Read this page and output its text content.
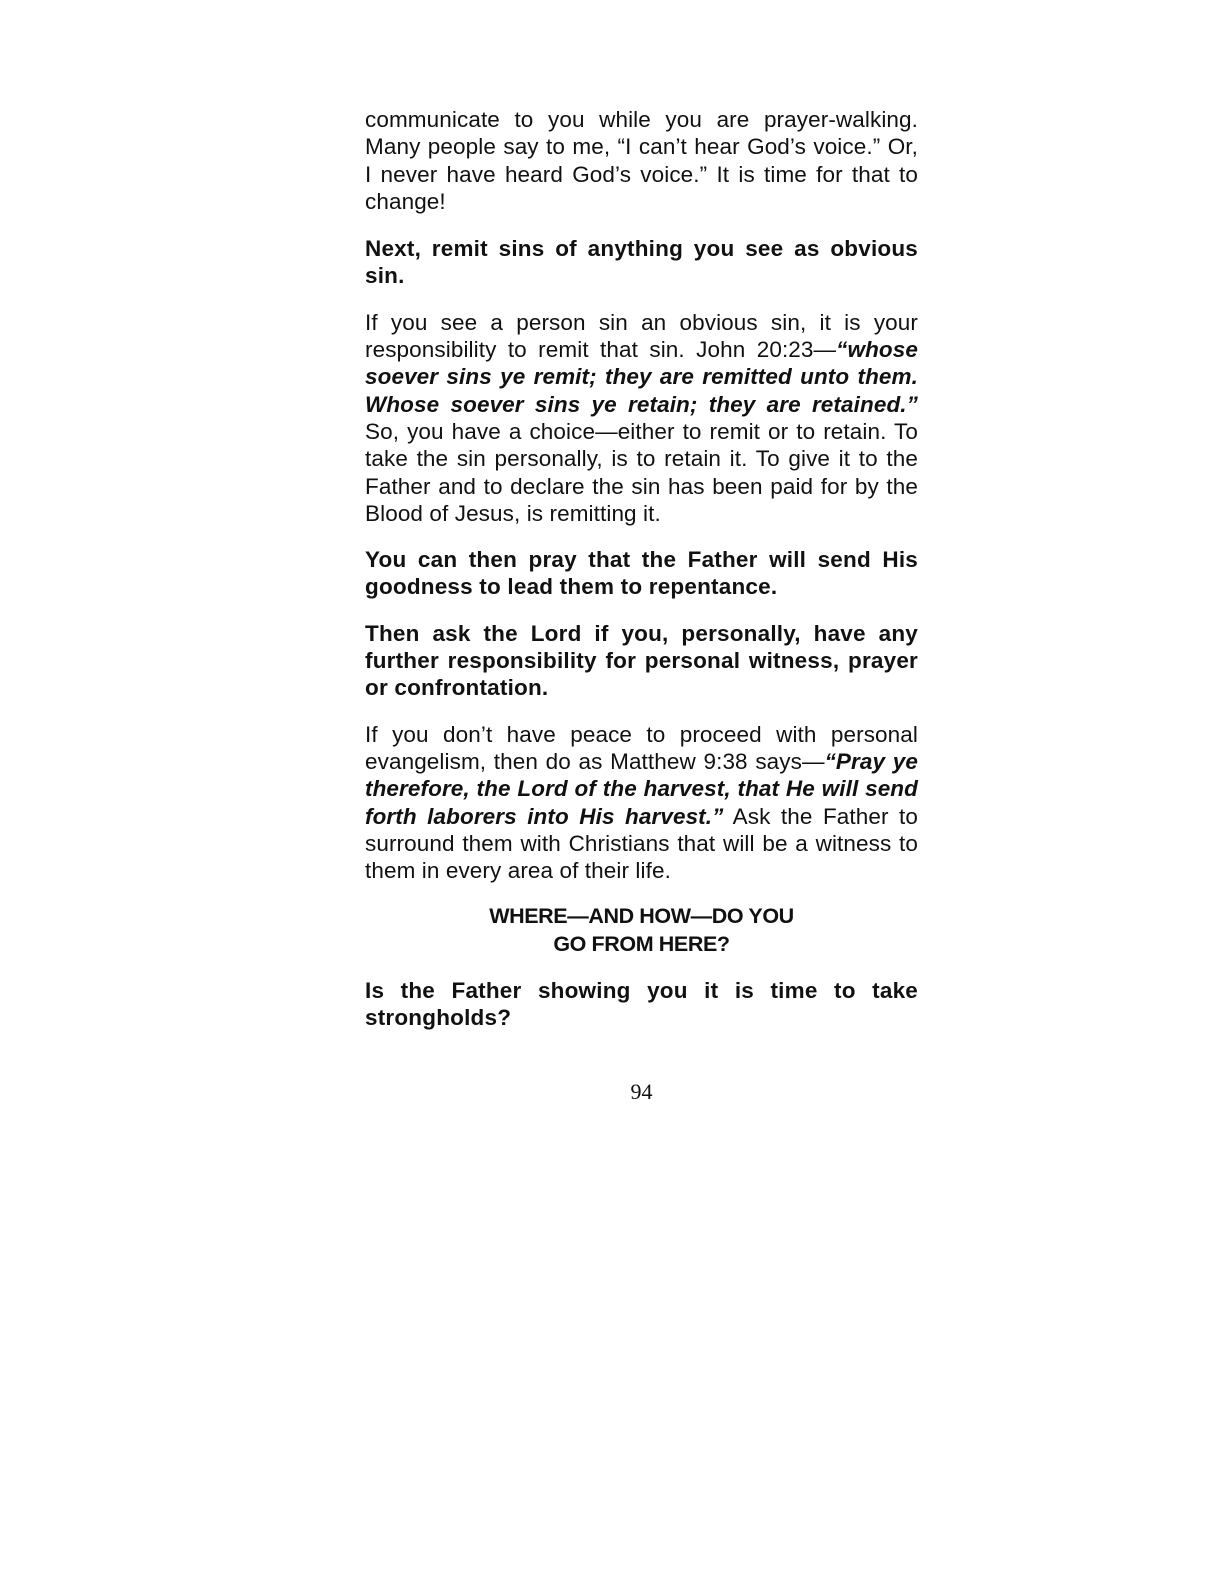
communicate to you while you are prayer-walking. Many people say to me, “I can’t hear God’s voice.” Or, I never have heard God’s voice.” It is time for that to change!

Next, remit sins of anything you see as obvious sin.

If you see a person sin an obvious sin, it is your responsibility to remit that sin. John 20:23—“whose soever sins ye remit; they are remitted unto them. Whose soever sins ye retain; they are retained.” So, you have a choice—either to remit or to retain. To take the sin personally, is to retain it. To give it to the Father and to declare the sin has been paid for by the Blood of Jesus, is remitting it.

You can then pray that the Father will send His goodness to lead them to repentance.

Then ask the Lord if you, personally, have any further responsibility for personal witness, prayer or confrontation.

If you don’t have peace to proceed with personal evangelism, then do as Matthew 9:38 says—“Pray ye therefore, the Lord of the harvest, that He will send forth laborers into His harvest.” Ask the Father to surround them with Christians that will be a witness to them in every area of their life.

WHERE—AND HOW—DO YOU
GO FROM HERE?

Is the Father showing you it is time to take strongholds?

94
